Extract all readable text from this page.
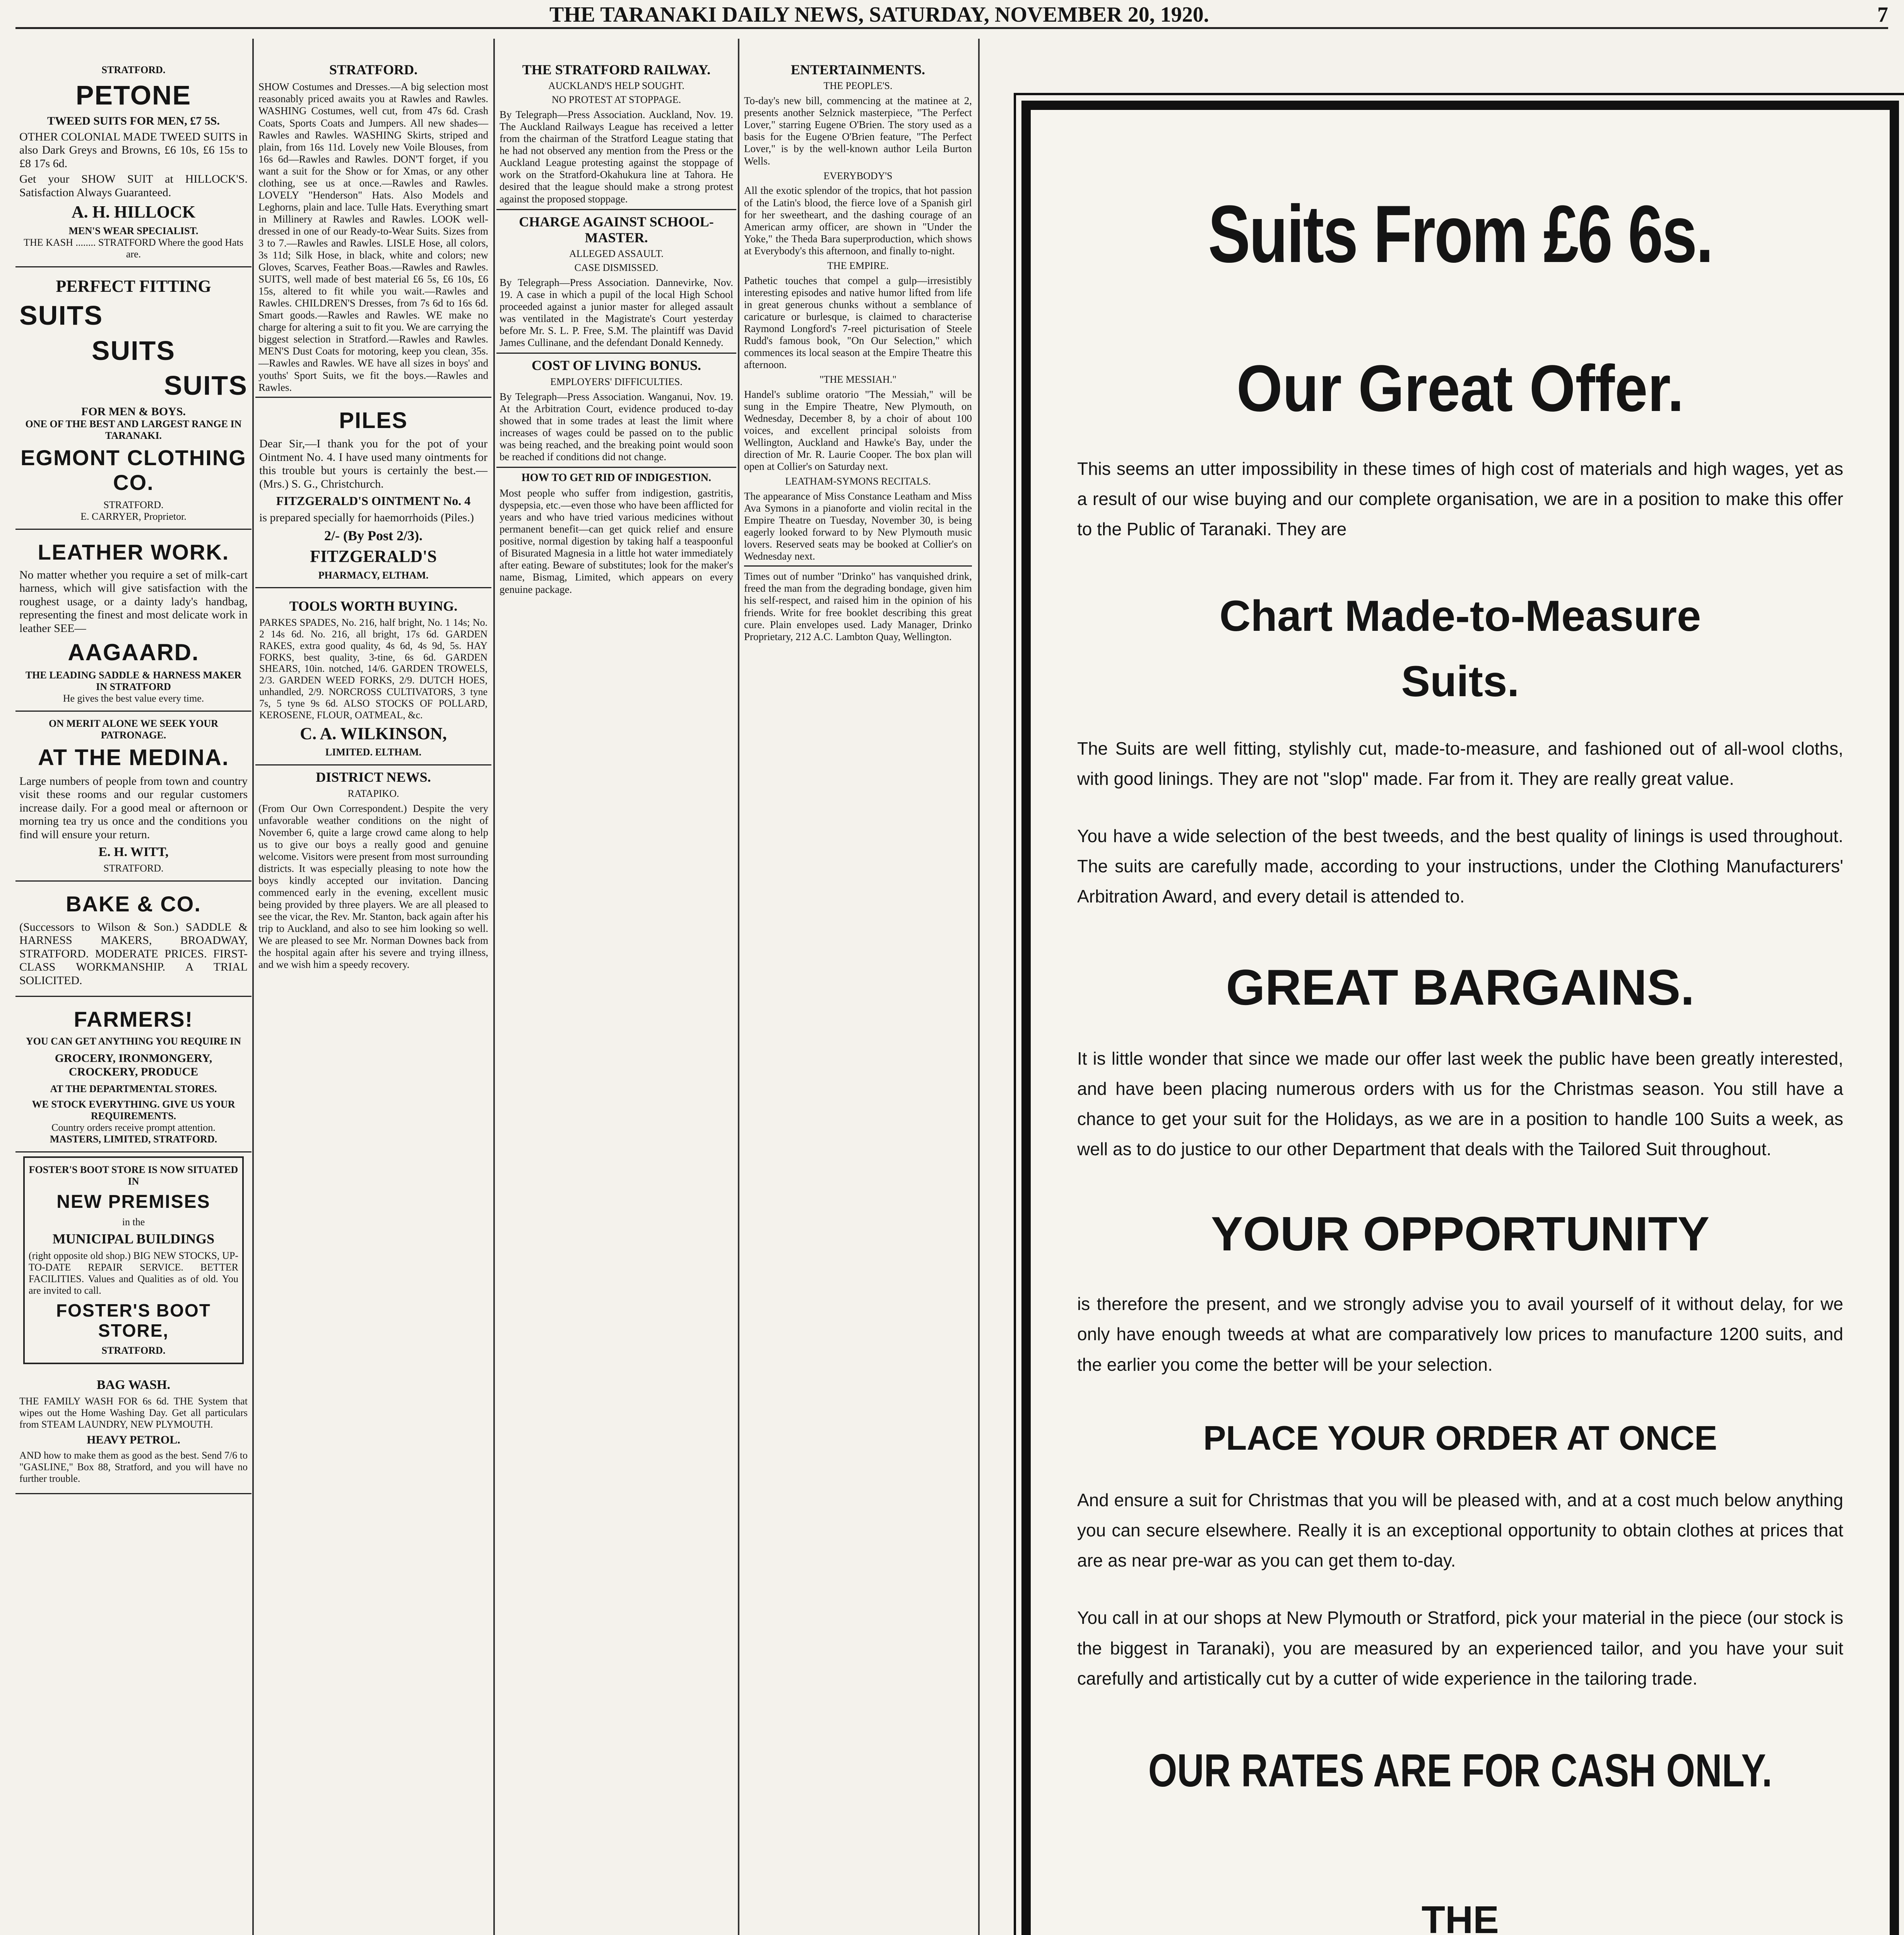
THE TARANAKI DAILY NEWS, SATURDAY, NOVEMBER 20, 1920.	7
STRATFORD.
PETONE
TWEED SUITS FOR MEN, £7 5S.

OTHER COLONIAL MADE TWEED SUITS in also Dark Greys and Browns, £6 10s, £6 15s to £8 17s 6d.

Get your SHOW SUIT at HILLOCK'S. Satisfaction Always Guaranteed.

A. H. HILLOCK
MEN'S WEAR SPECIALIST.
THE KASH ........ STRATFORD Where the good Hats are.
PERFECT FITTING
SUITS
SUITS
SUITS
FOR MEN & BOYS.
ONE OF THE BEST AND LARGEST RANGE IN TARANAKI.
EGMONT CLOTHING CO.
STRATFORD.
E. CARRYER, Proprietor.
LEATHER WORK.

No matter whether you require a set of milk-cart harness, which will give satisfaction with the roughest usage, or a dainty lady's handbag, representing the finest and most delicate work in leather SEE—

AAGAARD.
THE LEADING SADDLE & HARNESS MAKER IN STRATFORD
He gives the best value every time.
ON MERIT ALONE WE SEEK YOUR PATRONAGE.
AT THE MEDINA.

Large numbers of people from town and country visit these rooms and our regular customers increase daily. For a good meal or afternoon or morning tea try us once and the conditions you find will ensure your return.

E. H. WITT,
STRATFORD.
BAKE & CO.

(Successors to Wilson & Son.) SADDLE & HARNESS MAKERS, BROADWAY, STRATFORD. MODERATE PRICES. FIRST-CLASS WORKMANSHIP. A TRIAL SOLICITED.

FARMERS!
YOU CAN GET ANYTHING YOU REQUIRE IN
GROCERY, IRONMONGERY, CROCKERY, PRODUCE
AT THE DEPARTMENTAL STORES.
WE STOCK EVERYTHING. GIVE US YOUR REQUIREMENTS.
Country orders receive prompt attention.
MASTERS, LIMITED, STRATFORD.
FOSTER'S BOOT STORE IS NOW SITUATED IN
NEW PREMISES
in the
MUNICIPAL BUILDINGS

(right opposite old shop.) BIG NEW STOCKS, UP-TO-DATE REPAIR SERVICE. BETTER FACILITIES. Values and Qualities as of old. You are invited to call.

FOSTER'S BOOT STORE,
STRATFORD.
BAG WASH.

THE FAMILY WASH FOR 6s 6d. THE System that wipes out the Home Washing Day. Get all particulars from STEAM LAUNDRY, NEW PLYMOUTH.

HEAVY PETROL.

AND how to make them as good as the best. Send 7/6 to "GASLINE," Box 88, Stratford, and you will have no further trouble.

STRATFORD.

SHOW Costumes and Dresses.—A big selection most reasonably priced awaits you at Rawles and Rawles. WASHING Costumes, well cut, from 47s 6d. Crash Coats, Sports Coats and Jumpers. All new shades—Rawles and Rawles. WASHING Skirts, striped and plain, from 16s 11d. Lovely new Voile Blouses, from 16s 6d—Rawles and Rawles. DON'T forget, if you want a suit for the Show or for Xmas, or any other clothing, see us at once.—Rawles and Rawles. LOVELY "Henderson" Hats. Also Models and Leghorns, plain and lace. Tulle Hats. Everything smart in Millinery at Rawles and Rawles. LOOK well-dressed in one of our Ready-to-Wear Suits. Sizes from 3 to 7.—Rawles and Rawles. LISLE Hose, all colors, 3s 11d; Silk Hose, in black, white and colors; new Gloves, Scarves, Feather Boas.—Rawles and Rawles. SUITS, well made of best material £6 5s, £6 10s, £6 15s, altered to fit while you wait.—Rawles and Rawles. CHILDREN'S Dresses, from 7s 6d to 16s 6d. Smart goods.—Rawles and Rawles. WE make no charge for altering a suit to fit you. We are carrying the biggest selection in Stratford.—Rawles and Rawles. MEN'S Dust Coats for motoring, keep you clean, 35s.—Rawles and Rawles. WE have all sizes in boys' and youths' Sport Suits, we fit the boys.—Rawles and Rawles.

PILES

Dear Sir,—I thank you for the pot of your Ointment No. 4. I have used many ointments for this trouble but yours is certainly the best.—(Mrs.) S. G., Christchurch.

FITZGERALD'S OINTMENT No. 4

is prepared specially for haemorrhoids (Piles.)

2/- (By Post 2/3).
FITZGERALD'S
PHARMACY, ELTHAM.
TOOLS WORTH BUYING.

PARKES SPADES, No. 216, half bright, No. 1 14s; No. 2 14s 6d. No. 216, all bright, 17s 6d. GARDEN RAKES, extra good quality, 4s 6d, 4s 9d, 5s. HAY FORKS, best quality, 3-tine, 6s 6d. GARDEN SHEARS, 10in. notched, 14/6. GARDEN TROWELS, 2/3. GARDEN WEED FORKS, 2/9. DUTCH HOES, unhandled, 2/9. NORCROSS CULTIVATORS, 3 tyne 7s, 5 tyne 9s 6d. ALSO STOCKS OF POLLARD, KEROSENE, FLOUR, OATMEAL, &c.

C. A. WILKINSON,
LIMITED. ELTHAM.
DISTRICT NEWS.
RATAPIKO.

(From Our Own Correspondent.) Despite the very unfavorable weather conditions on the night of November 6, quite a large crowd came along to help us to give our boys a really good and genuine welcome. Visitors were present from most surrounding districts. It was especially pleasing to note how the boys kindly accepted our invitation. Dancing commenced early in the evening, excellent music being provided by three players. We are all pleased to see the vicar, the Rev. Mr. Stanton, back again after his trip to Auckland, and also to see him looking so well. We are pleased to see Mr. Norman Downes back from the hospital again after his severe and trying illness, and we wish him a speedy recovery.

THE STRATFORD RAILWAY.
AUCKLAND'S HELP SOUGHT.
NO PROTEST AT STOPPAGE.

By Telegraph—Press Association. Auckland, Nov. 19. The Auckland Railways League has received a letter from the chairman of the Stratford League stating that he had not observed any mention from the Press or the Auckland League protesting against the stoppage of work on the Stratford-Okahukura line at Tahora. He desired that the league should make a strong protest against the proposed stoppage.

CHARGE AGAINST SCHOOL-MASTER.
ALLEGED ASSAULT.
CASE DISMISSED.

By Telegraph—Press Association. Dannevirke, Nov. 19. A case in which a pupil of the local High School proceeded against a junior master for alleged assault was ventilated in the Magistrate's Court yesterday before Mr. S. L. P. Free, S.M. The plaintiff was David James Cullinane, and the defendant Donald Kennedy.

COST OF LIVING BONUS.
EMPLOYERS' DIFFICULTIES.

By Telegraph—Press Association. Wanganui, Nov. 19. At the Arbitration Court, evidence produced to-day showed that in some trades at least the limit where increases of wages could be passed on to the public was being reached, and the breaking point would soon be reached if conditions did not change.

HOW TO GET RID OF INDIGESTION.

Most people who suffer from indigestion, gastritis, dyspepsia, etc.—even those who have been afflicted for years and who have tried various medicines without permanent benefit—can get quick relief and ensure positive, normal digestion by taking half a teaspoonful of Bisurated Magnesia in a little hot water immediately after eating. Beware of substitutes; look for the maker's name, Bismag, Limited, which appears on every genuine package.

ENTERTAINMENTS.
THE PEOPLE'S.

To-day's new bill, commencing at the matinee at 2, presents another Selznick masterpiece, "The Perfect Lover," starring Eugene O'Brien. The story used as a basis for the Eugene O'Brien feature, "The Perfect Lover," is by the well-known author Leila Burton Wells.

EVERYBODY'S

All the exotic splendor of the tropics, that hot passion of the Latin's blood, the fierce love of a Spanish girl for her sweetheart, and the dashing courage of an American army officer, are shown in "Under the Yoke," the Theda Bara superproduction, which shows at Everybody's this afternoon, and finally to-night.

THE EMPIRE.

Pathetic touches that compel a gulp—irresistibly interesting episodes and native humor lifted from life in great generous chunks without a semblance of caricature or burlesque, is claimed to characterise Raymond Longford's 7-reel picturisation of Steele Rudd's famous book, "On Our Selection," which commences its local season at the Empire Theatre this afternoon.

"THE MESSIAH."

Handel's sublime oratorio "The Messiah," will be sung in the Empire Theatre, New Plymouth, on Wednesday, December 8, by a choir of about 100 voices, and excellent principal soloists from Wellington, Auckland and Hawke's Bay, under the direction of Mr. R. Laurie Cooper. The box plan will open at Collier's on Saturday next.

LEATHAM-SYMONS RECITALS.

The appearance of Miss Constance Leatham and Miss Ava Symons in a pianoforte and violin recital in the Empire Theatre on Tuesday, November 30, is being eagerly looked forward to by New Plymouth music lovers. Reserved seats may be booked at Collier's on Wednesday next.

Times out of number "Drinko" has vanquished drink, freed the man from the degrading bondage, given him his self-respect, and raised him in the opinion of his friends. Write for free booklet describing this great cure. Plain envelopes used. Lady Manager, Drinko Proprietary, 212 A.C. Lambton Quay, Wellington.

Suits From £6 6s.
Our Great Offer.
This seems an utter impossibility in these times of high cost of materials and high wages, yet as a result of our wise buying and our complete organisation, we are in a position to make this offer to the Public of Taranaki. They are
Chart Made-to-Measure
Suits.
The Suits are well fitting, stylishly cut, made-to-measure, and fashioned out of all-wool cloths, with good linings. They are not "slop" made. Far from it. They are really great value.
You have a wide selection of the best tweeds, and the best quality of linings is used throughout. The suits are carefully made, according to your instructions, under the Clothing Manufacturers' Arbitration Award, and every detail is attended to.
GREAT BARGAINS.
It is little wonder that since we made our offer last week the public have been greatly interested, and have been placing numerous orders with us for the Christmas season. You still have a chance to get your suit for the Holidays, as we are in a position to handle 100 Suits a week, as well as to do justice to our other Department that deals with the Tailored Suit throughout.
YOUR OPPORTUNITY
is therefore the present, and we strongly advise you to avail yourself of it without delay, for we only have enough tweeds at what are comparatively low prices to manufacture 1200 suits, and the earlier you come the better will be your selection.
PLACE YOUR ORDER AT ONCE
And ensure a suit for Christmas that you will be pleased with, and at a cost much below anything you can secure elsewhere. Really it is an exceptional opportunity to obtain clothes at prices that are as near pre-war as you can get them to-day.
You call in at our shops at New Plymouth or Stratford, pick your material in the piece (our stock is the biggest in Taranaki), you are measured by an experienced tailor, and you have your suit carefully and artistically cut by a cutter of wide experience in the tailoring trade.
OUR RATES ARE FOR CASH ONLY.
THE
